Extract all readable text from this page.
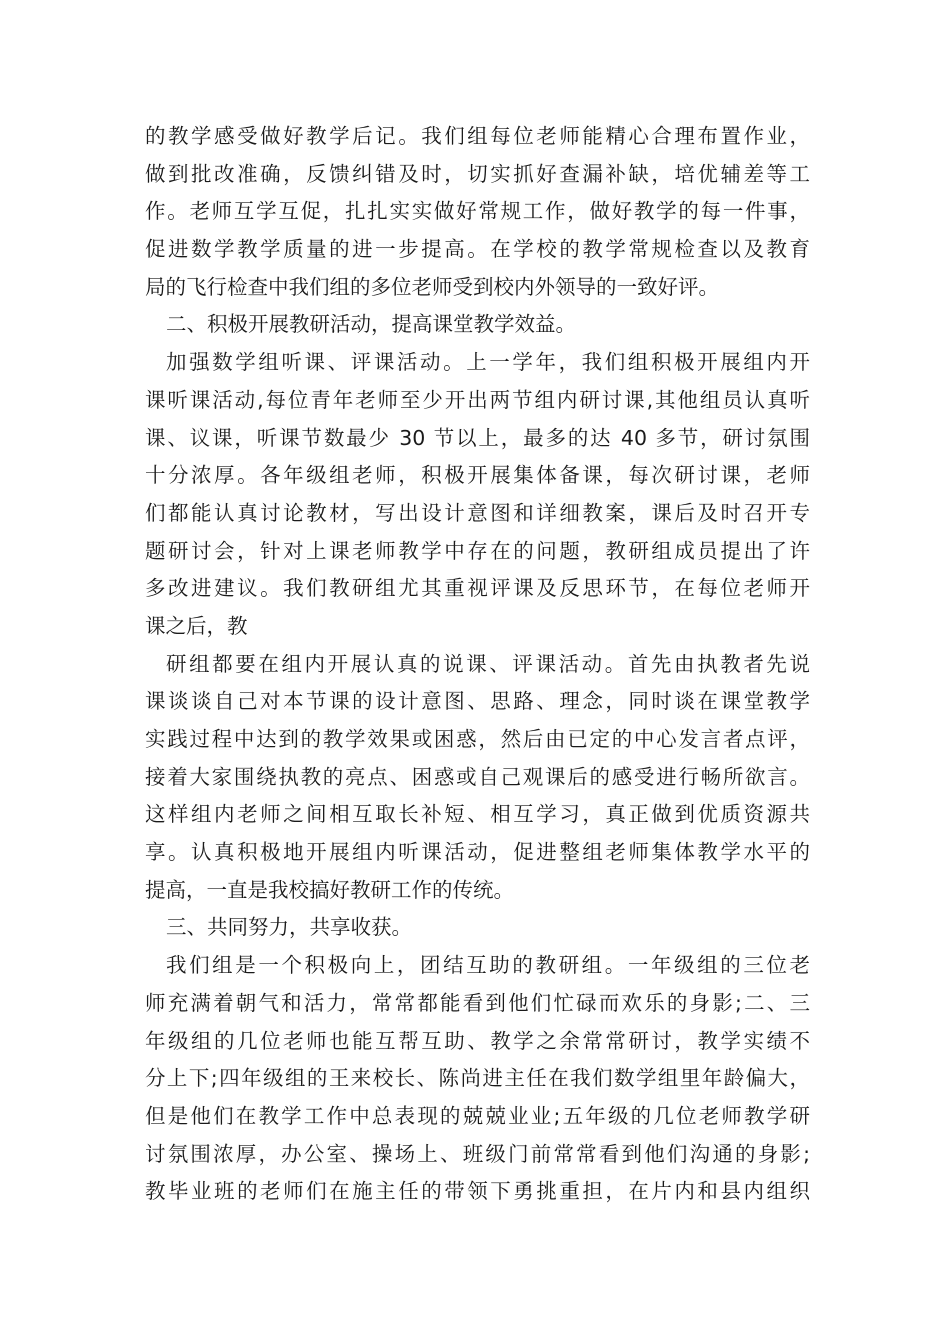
的教学感受做好教学后记。我们组每位老师能精心合理布置作业，
做到批改准确，反馈纠错及时，切实抓好查漏补缺，培优辅差等工
作。老师互学互促，扎扎实实做好常规工作，做好教学的每一件事，
促进数学教学质量的进一步提高。在学校的教学常规检查以及教育
局的飞行检查中我们组的多位老师受到校内外领导的一致好评。
二、积极开展教研活动，提高课堂教学效益。
加强数学组听课、评课活动。上一学年，我们组积极开展组内开
课听课活动,每位青年老师至少开出两节组内研讨课,其他组员认真听
课、议课，听课节数最少 30 节以上，最多的达 40 多节，研讨氛围
十分浓厚。各年级组老师，积极开展集体备课，每次研讨课，老师
们都能认真讨论教材，写出设计意图和详细教案，课后及时召开专
题研讨会，针对上课老师教学中存在的问题，教研组成员提出了许
多改进建议。我们教研组尤其重视评课及反思环节，在每位老师开
课之后，教
研组都要在组内开展认真的说课、评课活动。首先由执教者先说
课谈谈自己对本节课的设计意图、思路、理念，同时谈在课堂教学
实践过程中达到的教学效果或困惑，然后由已定的中心发言者点评，
接着大家围绕执教的亮点、困惑或自己观课后的感受进行畅所欲言。
这样组内老师之间相互取长补短、相互学习，真正做到优质资源共
享。认真积极地开展组内听课活动，促进整组老师集体教学水平的
提高，一直是我校搞好教研工作的传统。
三、共同努力，共享收获。
我们组是一个积极向上，团结互助的教研组。一年级组的三位老
师充满着朝气和活力，常常都能看到他们忙碌而欢乐的身影;二、三
年级组的几位老师也能互帮互助、教学之余常常研讨，教学实绩不
分上下;四年级组的王来校长、陈尚进主任在我们数学组里年龄偏大，
但是他们在教学工作中总表现的兢兢业业;五年级的几位老师教学研
讨氛围浓厚，办公室、操场上、班级门前常常看到他们沟通的身影;
教毕业班的老师们在施主任的带领下勇挑重担，在片内和县内组织
